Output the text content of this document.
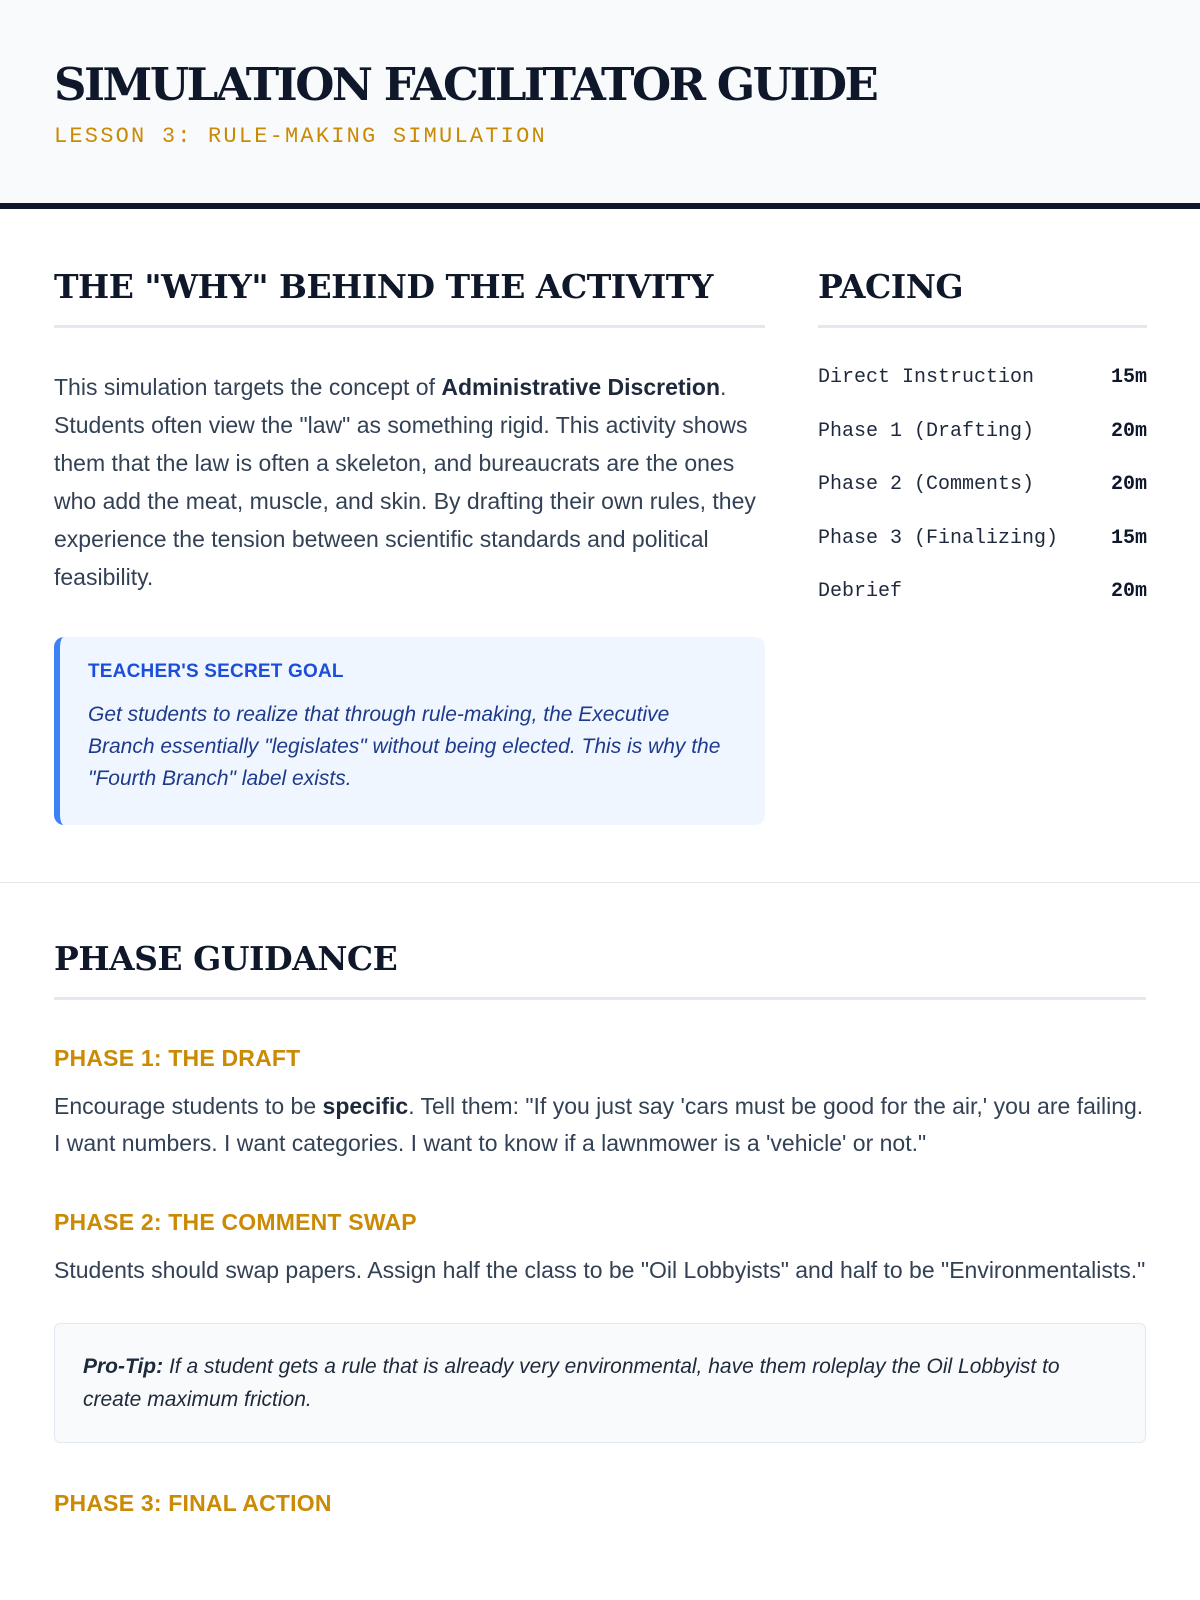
SIMULATION FACILITATOR GUIDE
LESSON 3: RULE-MAKING SIMULATION
THE "WHY" BEHIND THE ACTIVITY

This simulation targets the concept of Administrative Discretion. Students often view the "law" as something rigid. This activity shows them that the law is often a skeleton, and bureaucrats are the ones who add the meat, muscle, and skin. By drafting their own rules, they experience the tension between scientific standards and political feasibility.

TEACHER'S SECRET GOAL
Get students to realize that through rule-making, the Executive Branch essentially "legislates" without being elected. This is why the "Fourth Branch" label exists.
PACING
Direct Instruction	15m
Phase 1 (Drafting)	20m
Phase 2 (Comments)	20m
Phase 3 (Finalizing)	15m
Debrief	20m
PHASE GUIDANCE
PHASE 1: THE DRAFT

Encourage students to be specific. Tell them: "If you just say 'cars must be good for the air,' you are failing. I want numbers. I want categories. I want to know if a lawnmower is a 'vehicle' or not."

PHASE 2: THE COMMENT SWAP

Students should swap papers. Assign half the class to be "Oil Lobbyists" and half to be "Environmentalists."

Pro-Tip: If a student gets a rule that is already very environmental, have them roleplay the Oil Lobbyist to create maximum friction.
PHASE 3: FINAL ACTION
